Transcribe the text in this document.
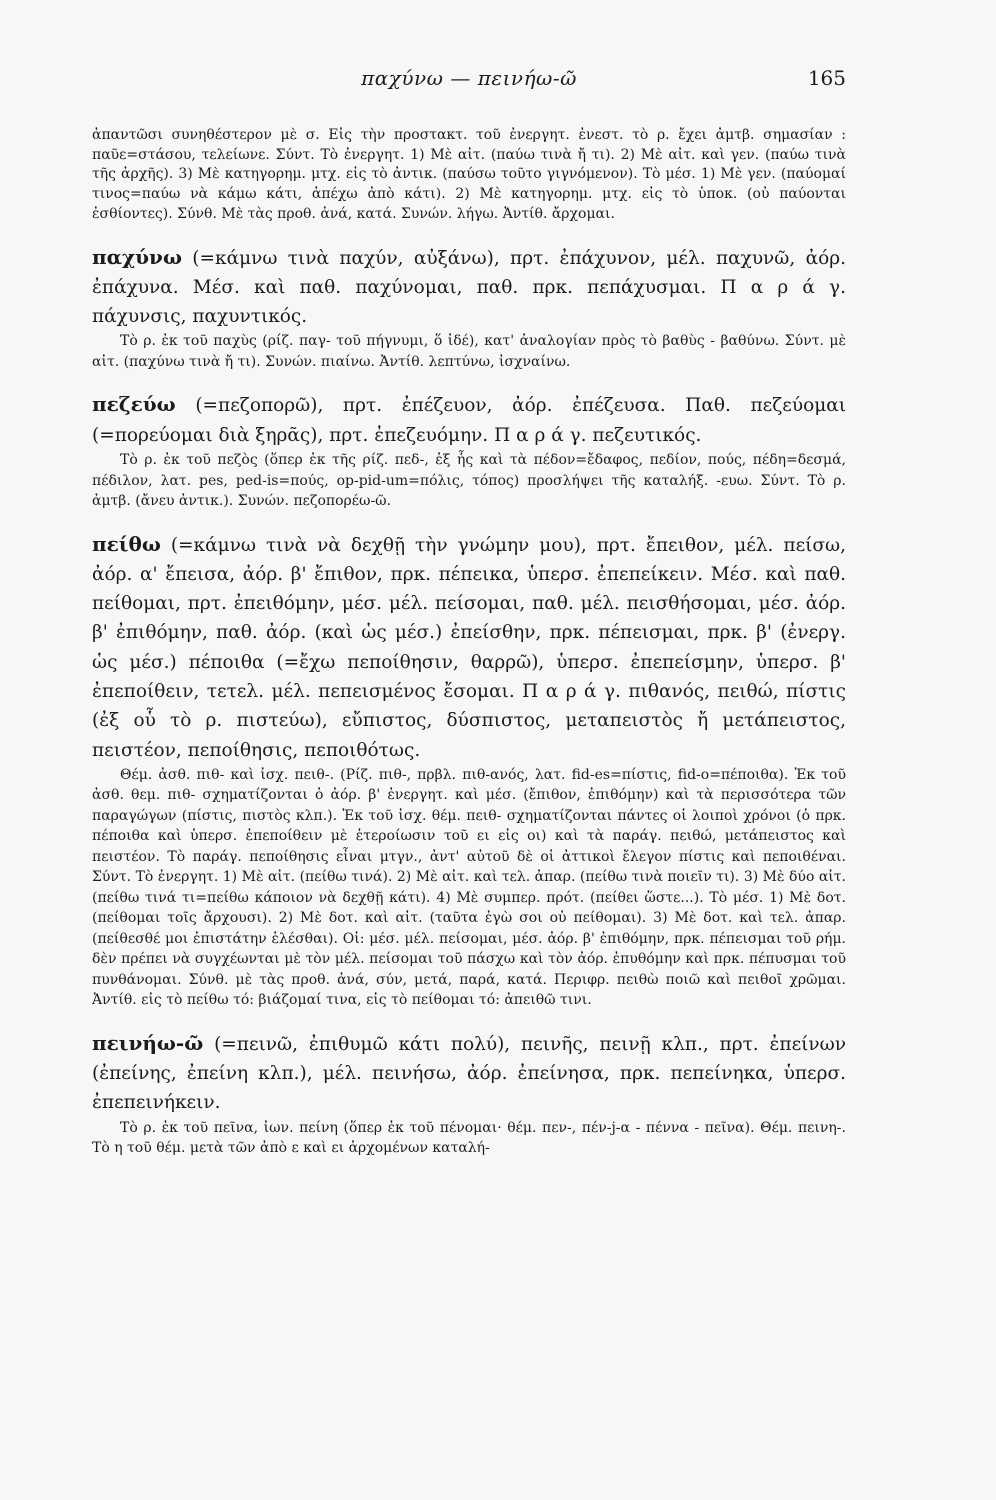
παχύνω — πεινήω-ῶ	165

ἀπαντῶσι συνηθέστερον μὲ σ. Εἰς τὴν προστακτ. τοῦ ἐνεργητ. ἐνεστ. τὸ ρ. ἔχει ἀμτβ. σημασίαν : παῦε=στάσου, τελείωνε. Σύντ. Τὸ ἐνεργητ. 1) Μὲ αἰτ. (παύω τινὰ ἤ τι). 2) Μὲ αἰτ. καὶ γεν. (παύω τινὰ τῆς ἀρχῆς). 3) Μὲ κατηγορημ. μτχ. εἰς τὸ ἀντικ. (παύσω τοῦτο γιγνόμενον). Τὸ μέσ. 1) Μὲ γεν. (παύομαί τινος=παύω νὰ κάμω κάτι, ἀπέχω ἀπὸ κάτι). 2) Μὲ κατηγορημ. μτχ. εἰς τὸ ὑποκ. (οὐ παύονται ἐσθίοντες). Σύνθ. Μὲ τὰς προθ. ἀνά, κατά. Συνών. λήγω. Ἀντίθ. ἄρχομαι.

παχύνω (=κάμνω τινὰ παχύν, αὐξάνω), πρτ. ἐπάχυνον, μέλ. παχυνῶ, ἀόρ. ἐπάχυνα. Μέσ. καὶ παθ. παχύνομαι, παθ. πρκ. πεπάχυσμαι. Π α ρ ά γ. πάχυνσις, παχυντικός.

Τὸ ρ. ἐκ τοῦ παχὺς (ρίζ. παγ- τοῦ πήγνυμι, ὅ ἰδέ), κατ' ἀναλογίαν πρὸς τὸ βαθὺς - βαθύνω. Σύντ. μὲ αἰτ. (παχύνω τινὰ ἤ τι). Συνών. πιαίνω. Ἀντίθ. λεπτύνω, ἰσχναίνω.

πεζεύω (=πεζοπορῶ), πρτ. ἐπέζευον, ἀόρ. ἐπέζευσα. Παθ. πεζεύομαι (=πορεύομαι διὰ ξηρᾶς), πρτ. ἐπεζευόμην. Π α ρ ά γ. πεζευτικός.

Τὸ ρ. ἐκ τοῦ πεζὸς (ὅπερ ἐκ τῆς ρίζ. πεδ-, ἐξ ἧς καὶ τὰ πέδον=ἔδαφος, πεδίον, πούς, πέδη=δεσμά, πέδιλον, λατ. pes, ped-is=πούς, op-pid-um=πόλις, τόπος) προσλήψει τῆς καταλήξ. -ευω. Σύντ. Τὸ ρ. ἀμτβ. (ἄνευ ἀντικ.). Συνών. πεζοπορέω-ῶ.

πείθω (=κάμνω τινὰ νὰ δεχθῇ τὴν γνώμην μου), πρτ. ἔπειθον, μέλ. πείσω, ἀόρ. α' ἔπεισα, ἀόρ. β' ἔπιθον, πρκ. πέπεικα, ὑπερσ. ἐπεπείκειν. Μέσ. καὶ παθ. πείθομαι, πρτ. ἐπειθόμην, μέσ. μέλ. πείσομαι, παθ. μέλ. πεισθήσομαι, μέσ. ἀόρ. β' ἐπιθόμην, παθ. ἀόρ. (καὶ ὡς μέσ.) ἐπείσθην, πρκ. πέπεισμαι, πρκ. β' (ἐνεργ. ὡς μέσ.) πέποιθα (=ἔχω πεποίθησιν, θαρρῶ), ὑπερσ. ἐπεπείσμην, ὑπερσ. β' ἐπεποίθειν, τετελ. μέλ. πεπεισμένος ἔσομαι. Π α ρ ά γ. πιθανός, πειθώ, πίστις (ἐξ οὗ τὸ ρ. πιστεύω), εὔπιστος, δύσπιστος, μεταπειστὸς ἤ μετάπειστος, πειστέον, πεποίθησις, πεποιθότως.

Θέμ. ἀσθ. πιθ- καὶ ἰσχ. πειθ-. (Ρίζ. πιθ-, πρβλ. πιθ-ανός, λατ. fid-es=πίστις, fid-o=πέποιθα). Ἐκ τοῦ ἀσθ. θεμ. πιθ- σχηματίζονται ὁ ἀόρ. β' ἐνεργητ. καὶ μέσ. (ἔπιθον, ἐπιθόμην) καὶ τὰ περισσότερα τῶν παραγώγων (πίστις, πιστὸς κλπ.). Ἐκ τοῦ ἰσχ. θέμ. πειθ- σχηματίζονται πάντες οἱ λοιποὶ χρόνοι (ὁ πρκ. πέποιθα καὶ ὑπερσ. ἐπεποίθειν μὲ ἑτεροίωσιν τοῦ ει εἰς οι) καὶ τὰ παράγ. πειθώ, μετάπειστος καὶ πειστέον. Τὸ παράγ. πεποίθησις εἶναι μτγν., ἀντ' αὐτοῦ δὲ οἱ ἀττικοὶ ἔλεγον πίστις καὶ πεποιθέναι. Σύντ. Τὸ ἐνεργητ. 1) Μὲ αἰτ. (πείθω τινά). 2) Μὲ αἰτ. καὶ τελ. ἀπαρ. (πείθω τινὰ ποιεῖν τι). 3) Μὲ δύο αἰτ. (πείθω τινά τι=πείθω κάποιον νὰ δεχθῇ κάτι). 4) Μὲ συμπερ. πρότ. (πείθει ὥστε...). Τὸ μέσ. 1) Μὲ δοτ. (πείθομαι τοῖς ἄρχουσι). 2) Μὲ δοτ. καὶ αἰτ. (ταῦτα ἐγὼ σοι οὐ πείθομαι). 3) Μὲ δοτ. καὶ τελ. ἀπαρ. (πείθεσθέ μοι ἐπιστάτην ἑλέσθαι). Οἱ: μέσ. μέλ. πείσομαι, μέσ. ἀόρ. β' ἐπιθόμην, πρκ. πέπεισμαι τοῦ ρήμ. δὲν πρέπει νὰ συγχέωνται μὲ τὸν μέλ. πείσομαι τοῦ πάσχω καὶ τὸν ἀόρ. ἐπυθόμην καὶ πρκ. πέπυσμαι τοῦ πυνθάνομαι. Σύνθ. μὲ τὰς προθ. ἀνά, σύν, μετά, παρά, κατά. Περιφρ. πειθὼ ποιῶ καὶ πειθοῖ χρῶμαι. Ἀντίθ. εἰς τὸ πείθω τό: βιάζομαί τινα, εἰς τὸ πείθομαι τό: ἀπειθῶ τινι.

πεινήω-ῶ (=πεινῶ, ἐπιθυμῶ κάτι πολύ), πεινῆς, πεινῇ κλπ., πρτ. ἐπείνων (ἐπείνης, ἐπείνη κλπ.), μέλ. πεινήσω, ἀόρ. ἐπείνησα, πρκ. πεπείνηκα, ὑπερσ. ἐπεπεινήκειν.

Τὸ ρ. ἐκ τοῦ πεῖνα, ἰων. πείνη (ὅπερ ἐκ τοῦ πένομαι· θέμ. πεν-, πέν-j-α - πέννα - πεῖνα). Θέμ. πεινη-. Τὸ η τοῦ θέμ. μετὰ τῶν ἀπὸ ε καὶ ει ἀρχομένων καταλή-
